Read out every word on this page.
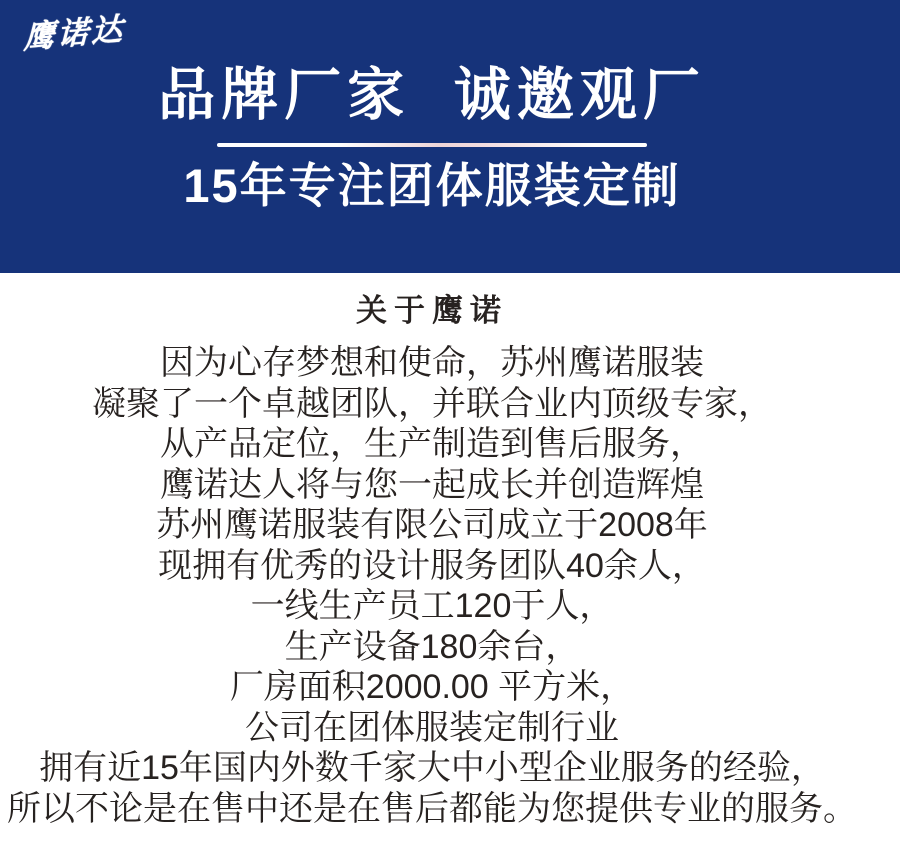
鹰诺达
品牌厂家  诚邀观厂
15年专注团体服装定制
关于鹰诺
因为心存梦想和使命，苏州鹰诺服装
凝聚了一个卓越团队，并联合业内顶级专家，
从产品定位，生产制造到售后服务，
鹰诺达人将与您一起成长并创造辉煌
苏州鹰诺服装有限公司成立于2008年
现拥有优秀的设计服务团队40余人，
一线生产员工120于人，
生产设备180余台，
厂房面积2000.00 平方米，
公司在团体服装定制行业
拥有近15年国内外数千家大中小型企业服务的经验，
所以不论是在售中还是在售后都能为您提供专业的服务。
